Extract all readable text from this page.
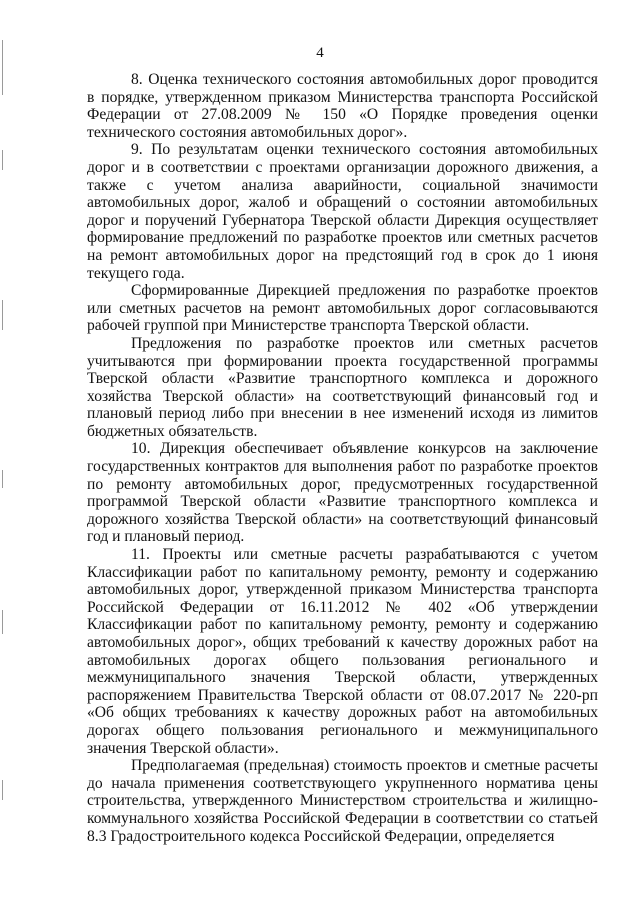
4

8. Оценка технического состояния автомобильных дорог проводится в порядке, утвержденном приказом Министерства транспорта Российской Федерации от 27.08.2009 № 150 «О Порядке проведения оценки технического состояния автомобильных дорог».

9. По результатам оценки технического состояния автомобильных дорог и в соответствии с проектами организации дорожного движения, а также с учетом анализа аварийности, социальной значимости автомобильных дорог, жалоб и обращений о состоянии автомобильных дорог и поручений Губернатора Тверской области Дирекция осуществляет формирование предложений по разработке проектов или сметных расчетов на ремонт автомобильных дорог на предстоящий год в срок до 1 июня текущего года.

Сформированные Дирекцией предложения по разработке проектов или сметных расчетов на ремонт автомобильных дорог согласовываются рабочей группой при Министерстве транспорта Тверской области.

Предложения по разработке проектов или сметных расчетов учитываются при формировании проекта государственной программы Тверской области «Развитие транспортного комплекса и дорожного хозяйства Тверской области» на соответствующий финансовый год и плановый период либо при внесении в нее изменений исходя из лимитов бюджетных обязательств.

10. Дирекция обеспечивает объявление конкурсов на заключение государственных контрактов для выполнения работ по разработке проектов по ремонту автомобильных дорог, предусмотренных государственной программой Тверской области «Развитие транспортного комплекса и дорожного хозяйства Тверской области» на соответствующий финансовый год и плановый период.

11. Проекты или сметные расчеты разрабатываются с учетом Классификации работ по капитальному ремонту, ремонту и содержанию автомобильных дорог, утвержденной приказом Министерства транспорта Российской Федерации от 16.11.2012 № 402 «Об утверждении Классификации работ по капитальному ремонту, ремонту и содержанию автомобильных дорог», общих требований к качеству дорожных работ на автомобильных дорогах общего пользования регионального и межмуниципального значения Тверской области, утвержденных распоряжением Правительства Тверской области от 08.07.2017 № 220-рп «Об общих требованиях к качеству дорожных работ на автомобильных дорогах общего пользования регионального и межмуниципального значения Тверской области».

Предполагаемая (предельная) стоимость проектов и сметные расчеты до начала применения соответствующего укрупненного норматива цены строительства, утвержденного Министерством строительства и жилищно-коммунального хозяйства Российской Федерации в соответствии со статьей 8.3 Градостроительного кодекса Российской Федерации, определяется
